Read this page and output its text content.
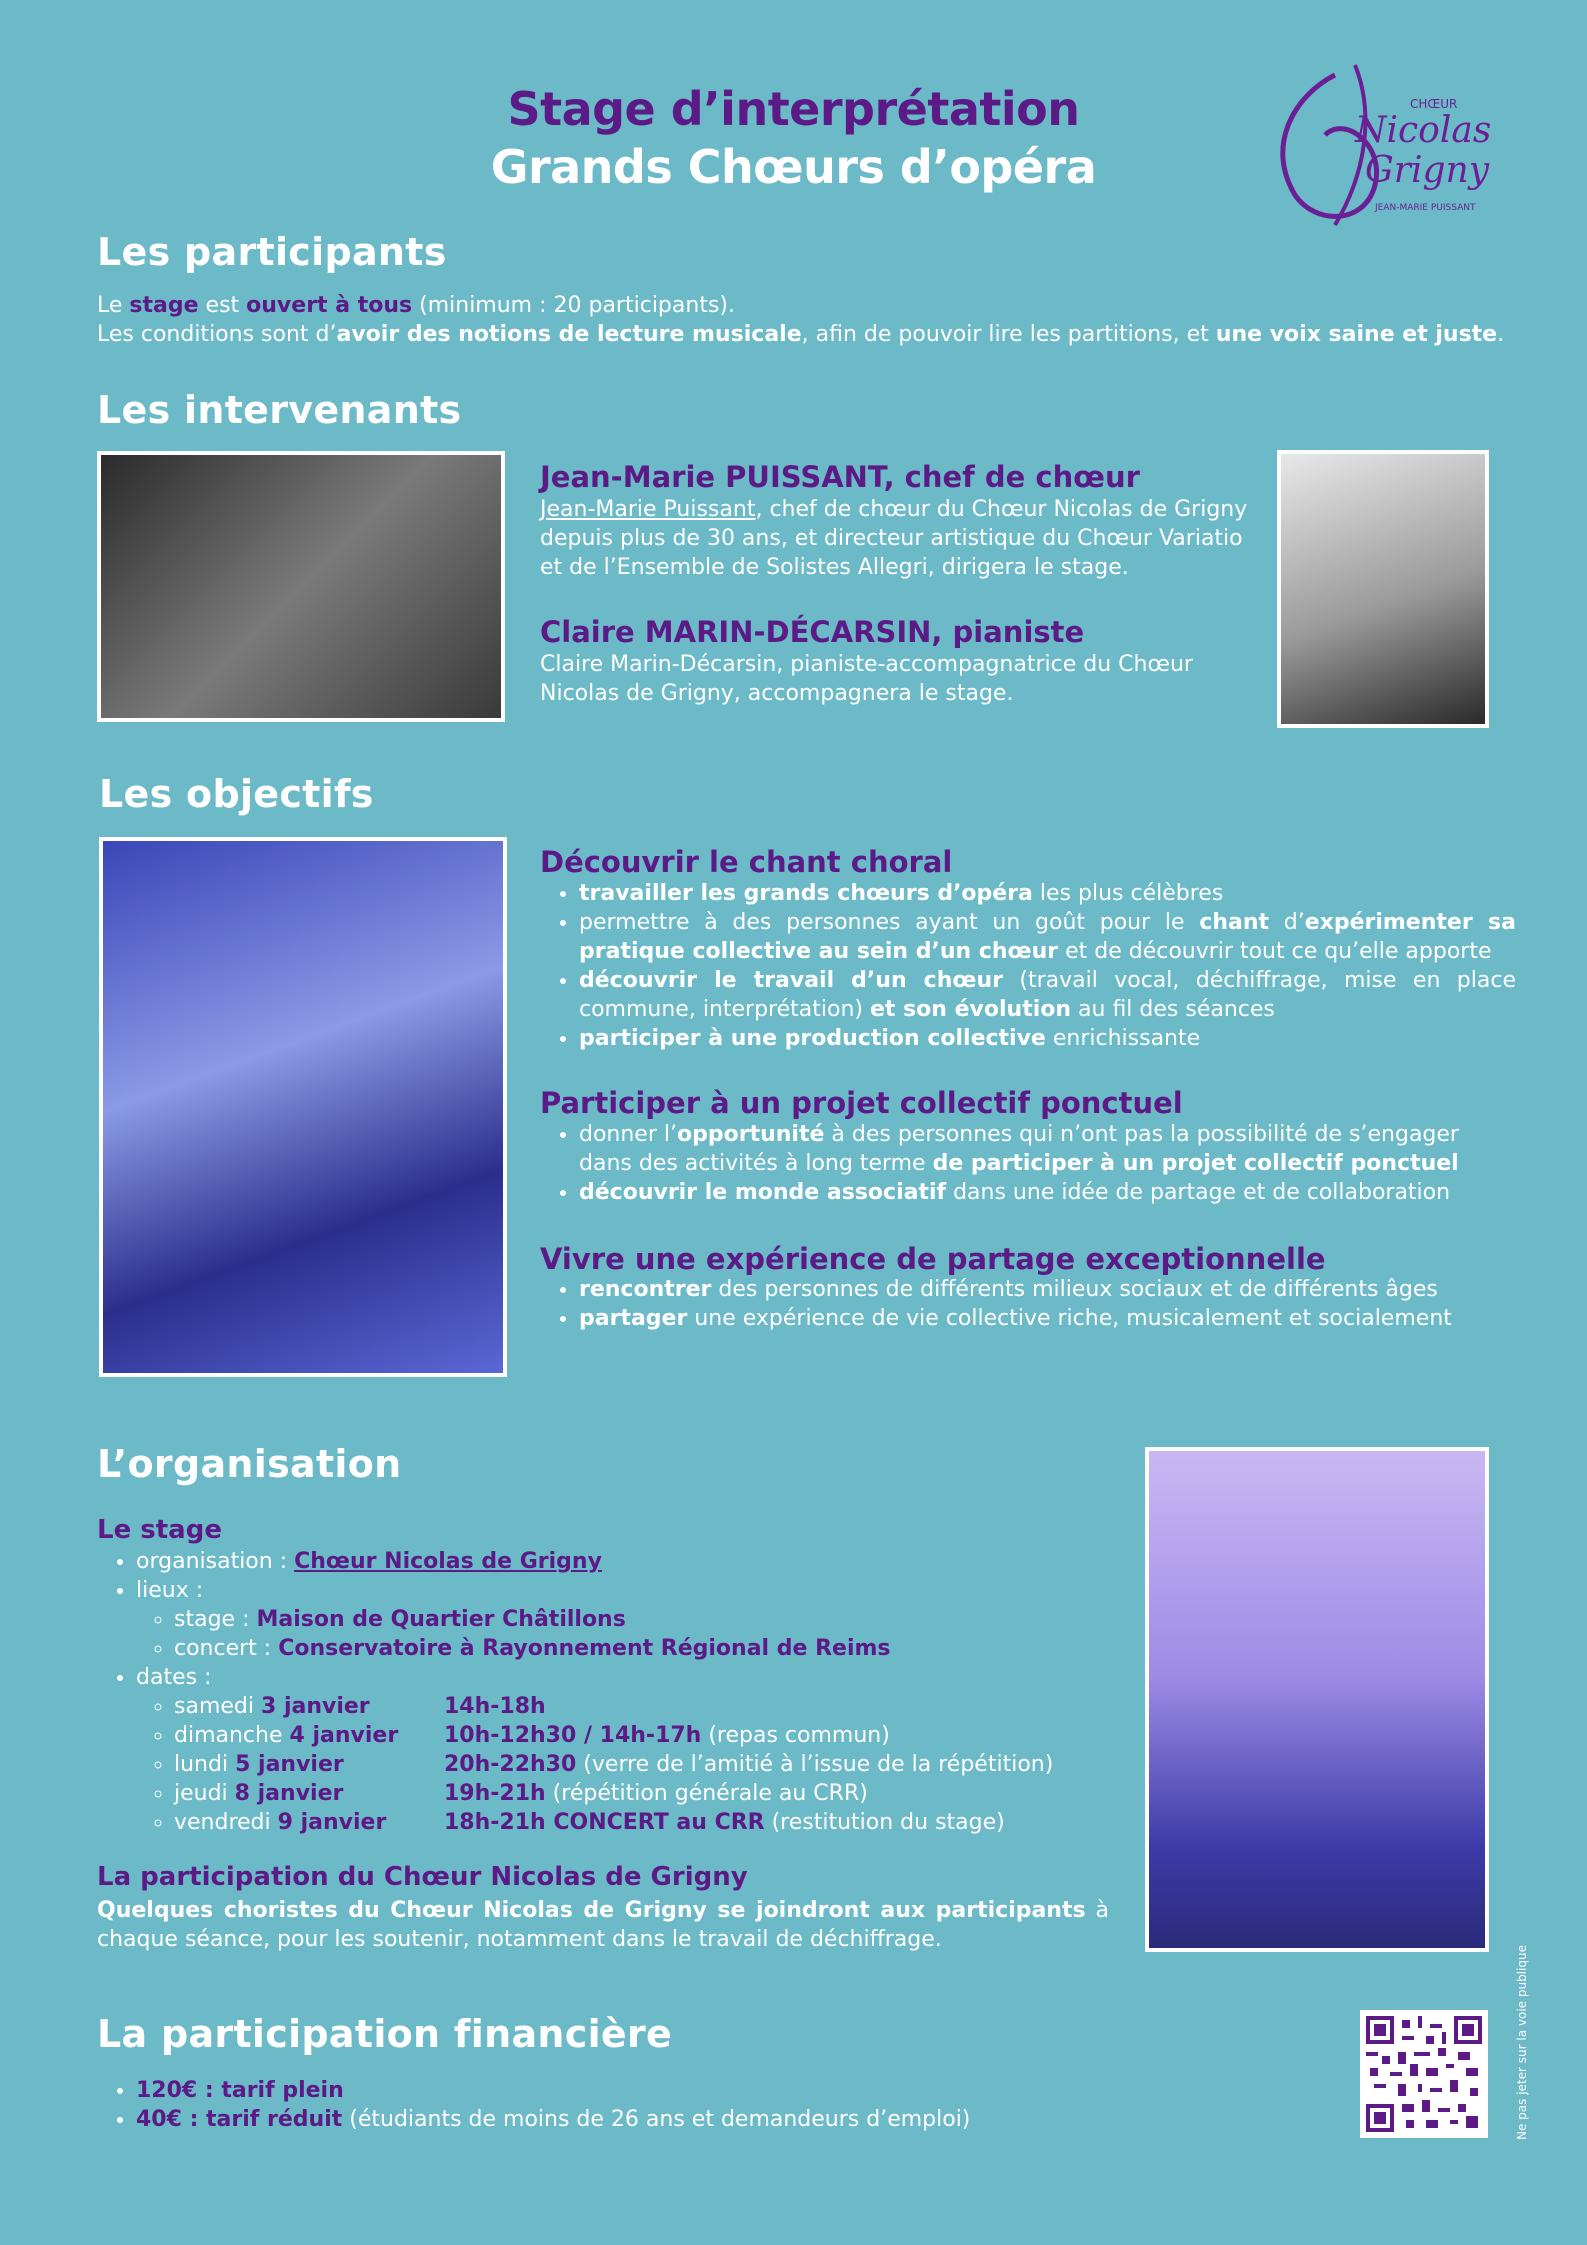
Stage d’interprétation
Grands Chœurs d’opéra
CHŒUR
Nicolas
Grigny
JEAN-MARIE PUISSANT
Les participants
Le stage est ouvert à tous (minimum : 20 participants).
Les conditions sont d’avoir des notions de lecture musicale, afin de pouvoir lire les partitions, et une voix saine et juste.
Les intervenants
Jean-Marie PUISSANT, chef de chœur
Jean-Marie Puissant, chef de chœur du Chœur Nicolas de Grigny depuis plus de 30 ans, et directeur artistique du Chœur Variatio et de l’Ensemble de Solistes Allegri, dirigera le stage.
Claire MARIN-DÉCARSIN, pianiste
Claire Marin-Décarsin, pianiste-accompagnatrice du Chœur Nicolas de Grigny, accompagnera le stage.
Les objectifs
Découvrir le chant choral
• travailler les grands chœurs d’opéra les plus célèbres
• permettre à des personnes ayant un goût pour le chant d’expérimenter sa pratique collective au sein d’un chœur et de découvrir tout ce qu’elle apporte
• découvrir le travail d’un chœur (travail vocal, déchiffrage, mise en place commune, interprétation) et son évolution au fil des séances
• participer à une production collective enrichissante
Participer à un projet collectif ponctuel
• donner l’opportunité à des personnes qui n’ont pas la possibilité de s’engager dans des activités à long terme de participer à un projet collectif ponctuel
• découvrir le monde associatif dans une idée de partage et de collaboration
Vivre une expérience de partage exceptionnelle
• rencontrer des personnes de différents milieux sociaux et de différents âges
• partager une expérience de vie collective riche, musicalement et socialement
L’organisation
Le stage
• organisation : Chœur Nicolas de Grigny
• lieux :
◦ stage : Maison de Quartier Châtillons
◦ concert : Conservatoire à Rayonnement Régional de Reims
• dates :
◦ samedi 3 janvier	14h-18h
◦ dimanche 4 janvier 10h-12h30 / 14h-17h (repas commun)
◦ lundi 5 janvier	20h-22h30 (verre de l’amitié à l’issue de la répétition)
◦ jeudi 8 janvier	19h-21h (répétition générale au CRR)
◦ vendredi 9 janvier	18h-21h CONCERT au CRR (restitution du stage)
La participation du Chœur Nicolas de Grigny
Quelques choristes du Chœur Nicolas de Grigny se joindront aux participants à chaque séance, pour les soutenir, notamment dans le travail de déchiffrage.
La participation financière
• 120€ : tarif plein
• 40€ : tarif réduit (étudiants de moins de 26 ans et demandeurs d’emploi)	Ne pas jeter sur la voie publique
